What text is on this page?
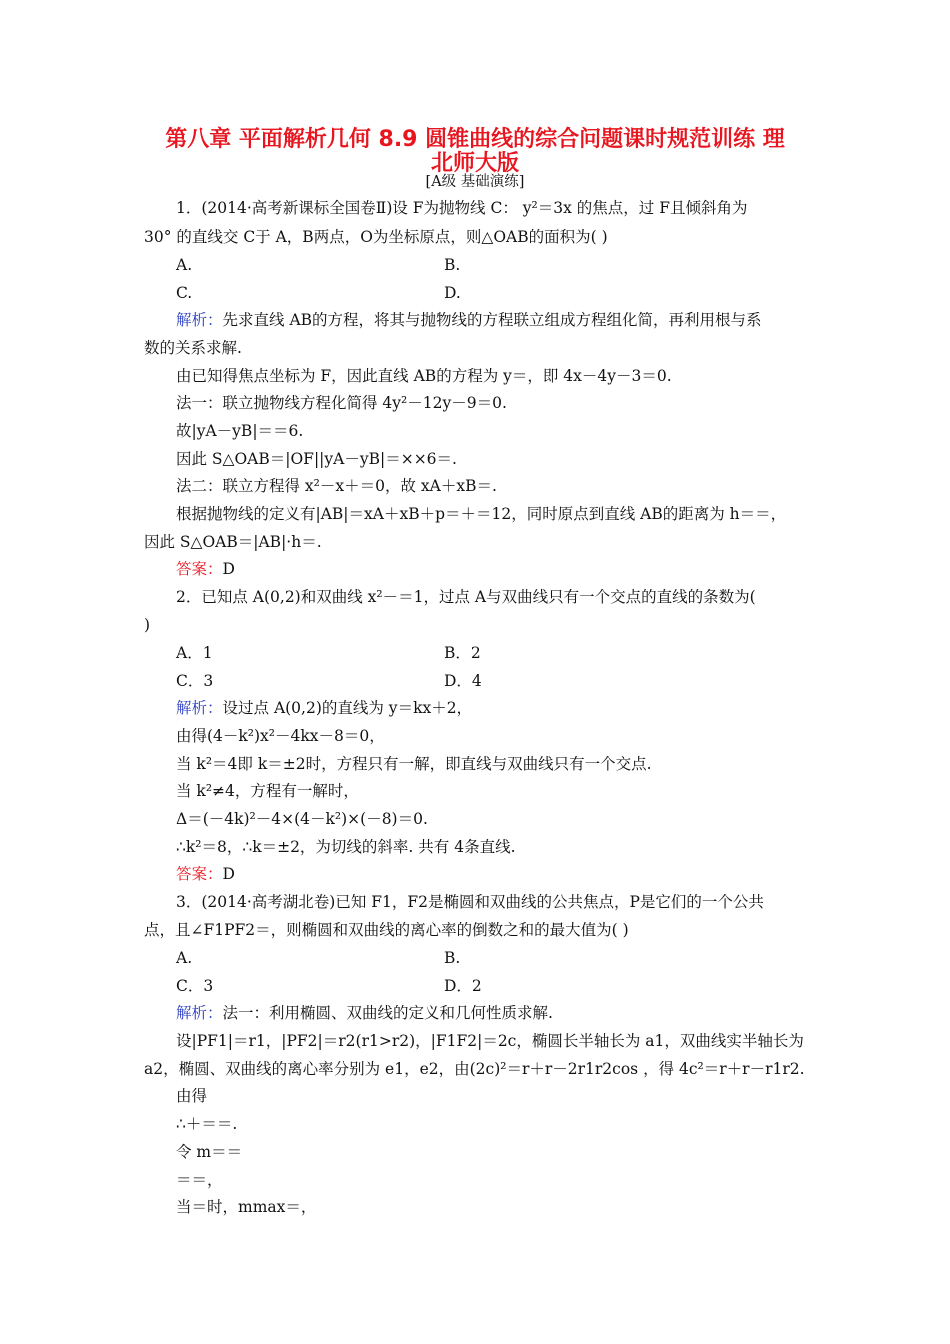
第八章 平面解析几何 8.9 圆锥曲线的综合问题课时规范训练 理
北师大版
[A级 基础演练]
1．(2014·高考新课标全国卷Ⅱ)设 F为抛物线 C： y²＝3x 的焦点，过 F且倾斜角为
30° 的直线交 C于 A，B两点，O为坐标原点，则△OAB的面积为( )
A.	B.
C.	D.
解析：先求直线 AB的方程，将其与抛物线的方程联立组成方程组化简，再利用根与系
数的关系求解.
由已知得焦点坐标为 F，因此直线 AB的方程为 y＝，即 4x－4y－3＝0.
法一：联立抛物线方程化简得 4y²－12y－9＝0.
故|yA－yB|＝＝6.
因此 S△OAB＝|OF||yA－yB|＝××6＝.
法二：联立方程得 x²－x＋＝0，故 xA＋xB＝.
根据抛物线的定义有|AB|＝xA＋xB＋p＝＋＝12，同时原点到直线 AB的距离为 h＝＝，
因此 S△OAB＝|AB|·h＝.
答案：D
2．已知点 A(0,2)和双曲线 x²－＝1，过点 A与双曲线只有一个交点的直线的条数为(
)
A．1	B．2
C．3	D．4
解析：设过点 A(0,2)的直线为 y＝kx＋2，
由得(4－k²)x²－4kx－8＝0，
当 k²＝4即 k＝±2时，方程只有一解，即直线与双曲线只有一个交点.
当 k²≠4，方程有一解时，
Δ＝(－4k)²－4×(4－k²)×(－8)＝0.
∴k²＝8，∴k＝±2，为切线的斜率. 共有 4条直线.
答案：D
3．(2014·高考湖北卷)已知 F1，F2是椭圆和双曲线的公共焦点，P是它们的一个公共
点，且∠F1PF2＝，则椭圆和双曲线的离心率的倒数之和的最大值为( )
A.	B.
C．3	D．2
解析：法一：利用椭圆、双曲线的定义和几何性质求解.
设|PF1|＝r1，|PF2|＝r2(r1>r2)，|F1F2|＝2c，椭圆长半轴长为 a1，双曲线实半轴长为
a2，椭圆、双曲线的离心率分别为 e1，e2，由(2c)²＝r＋r－2r1r2cos ，得 4c²＝r＋r－r1r2.
由得
∴＋＝＝.
令 m＝＝
＝＝，
当＝时，mmax＝，
